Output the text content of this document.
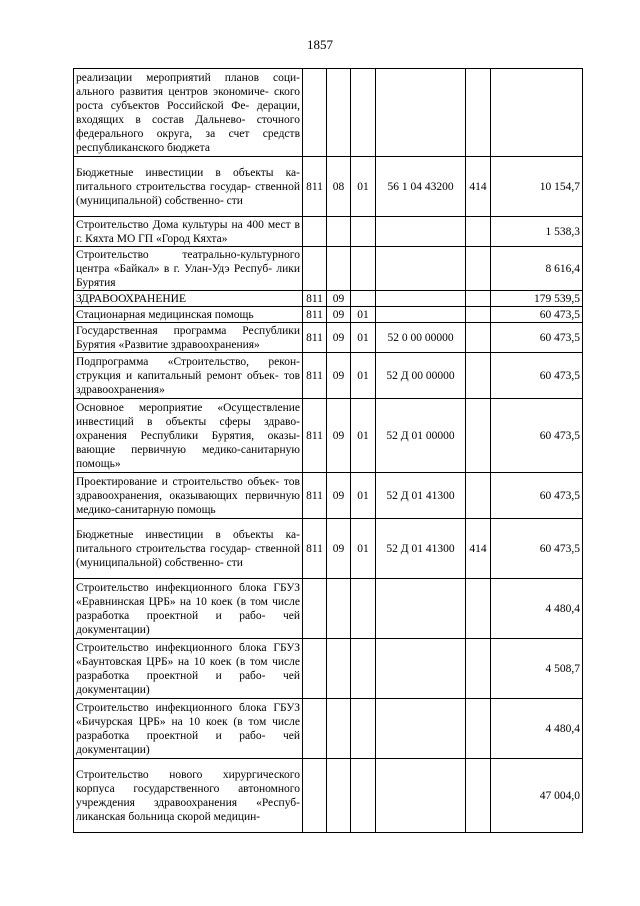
1857
реализации мероприятий планов соци- ального развития центров экономиче- ского роста субъектов Российской Фе- дерации, входящих в состав Дальнево- сточного федерального округа, за счет средств республиканского бюджета						
Бюджетные инвестиции в объекты ка- питального строительства государ- ственной (муниципальной) собственно- сти	811	08	01	56 1 04 43200	414	10 154,7
Строительство Дома культуры на 400 мест в г. Кяхта МО ГП «Город Кяхта»						1 538,3
Строительство театрально-культурного центра «Байкал» в г. Улан-Удэ Респуб- лики Бурятия						8 616,4
ЗДРАВООХРАНЕНИЕ	811	09				179 539,5
Стационарная медицинская помощь	811	09	01			60 473,5
Государственная программа Республики Бурятия «Развитие здравоохранения»	811	09	01	52 0 00 00000		60 473,5
Подпрограмма «Строительство, рекон- струкция и капитальный ремонт объек- тов здравоохранения»	811	09	01	52 Д 00 00000		60 473,5
Основное мероприятие «Осуществление инвестиций в объекты сферы здраво- охранения Республики Бурятия, оказы- вающие первичную медико-санитарную помощь»	811	09	01	52 Д 01 00000		60 473,5
Проектирование и строительство объек- тов здравоохранения, оказывающих первичную медико-санитарную помощь	811	09	01	52 Д 01 41300		60 473,5
Бюджетные инвестиции в объекты ка- питального строительства государ- ственной (муниципальной) собственно- сти	811	09	01	52 Д 01 41300	414	60 473,5
Строительство инфекционного блока ГБУЗ «Еравнинская ЦРБ» на 10 коек (в том числе разработка проектной и рабо- чей документации)						4 480,4
Строительство инфекционного блока ГБУЗ «Баунтовская ЦРБ» на 10 коек (в том числе разработка проектной и рабо- чей документации)						4 508,7
Строительство инфекционного блока ГБУЗ «Бичурская ЦРБ» на 10 коек (в том числе разработка проектной и рабо- чей документации)						4 480,4
Строительство нового хирургического корпуса государственного автономного учреждения здравоохранения «Респуб- ликанская больница скорой медицин-						47 004,0
